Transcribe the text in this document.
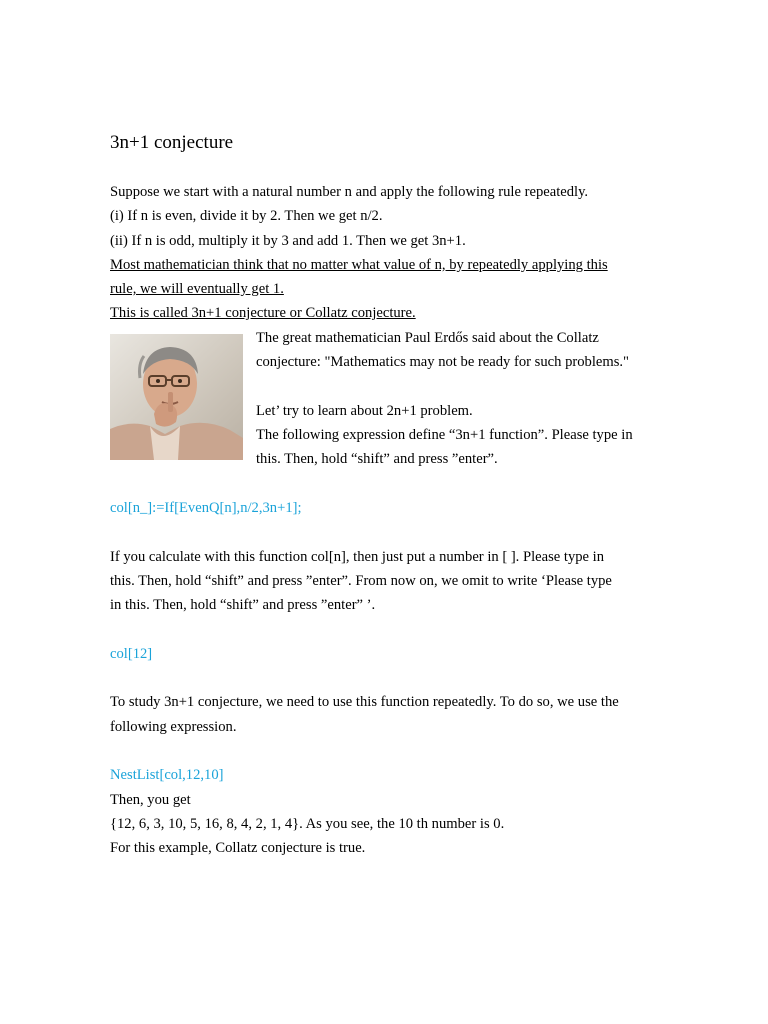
3n+1 conjecture
Suppose we start with a natural number n and apply the following rule repeatedly.
(i) If n is even, divide it by 2. Then we get n/2.
(ii) If n is odd, multiply it by 3 and add 1. Then we get 3n+1.
Most mathematician think that no matter what value of n, by repeatedly applying this
rule, we will eventually get 1.
This is called 3n+1 conjecture or Collatz conjecture.
The great mathematician Paul Erdős said about the Collatz
conjecture: "Mathematics may not be ready for such problems."
Let’ try to learn about 2n+1 problem.
The following expression define “3n+1 function”. Please type in
this. Then, hold “shift” and press ”enter”.
col[n_]:=If[EvenQ[n],n/2,3n+1];
If you calculate with this function col[n], then just put a number in [ ]. Please type in
this. Then, hold “shift” and press ”enter”. From now on, we omit to write ‘Please type
in this. Then, hold “shift” and press ”enter” ’.
col[12]
To study 3n+1 conjecture, we need to use this function repeatedly. To do so, we use the
following expression.
NestList[col,12,10]
Then, you get
{12, 6, 3, 10, 5, 16, 8, 4, 2, 1, 4}. As you see, the 10 th number is 0.
For this example, Collatz conjecture is true.
